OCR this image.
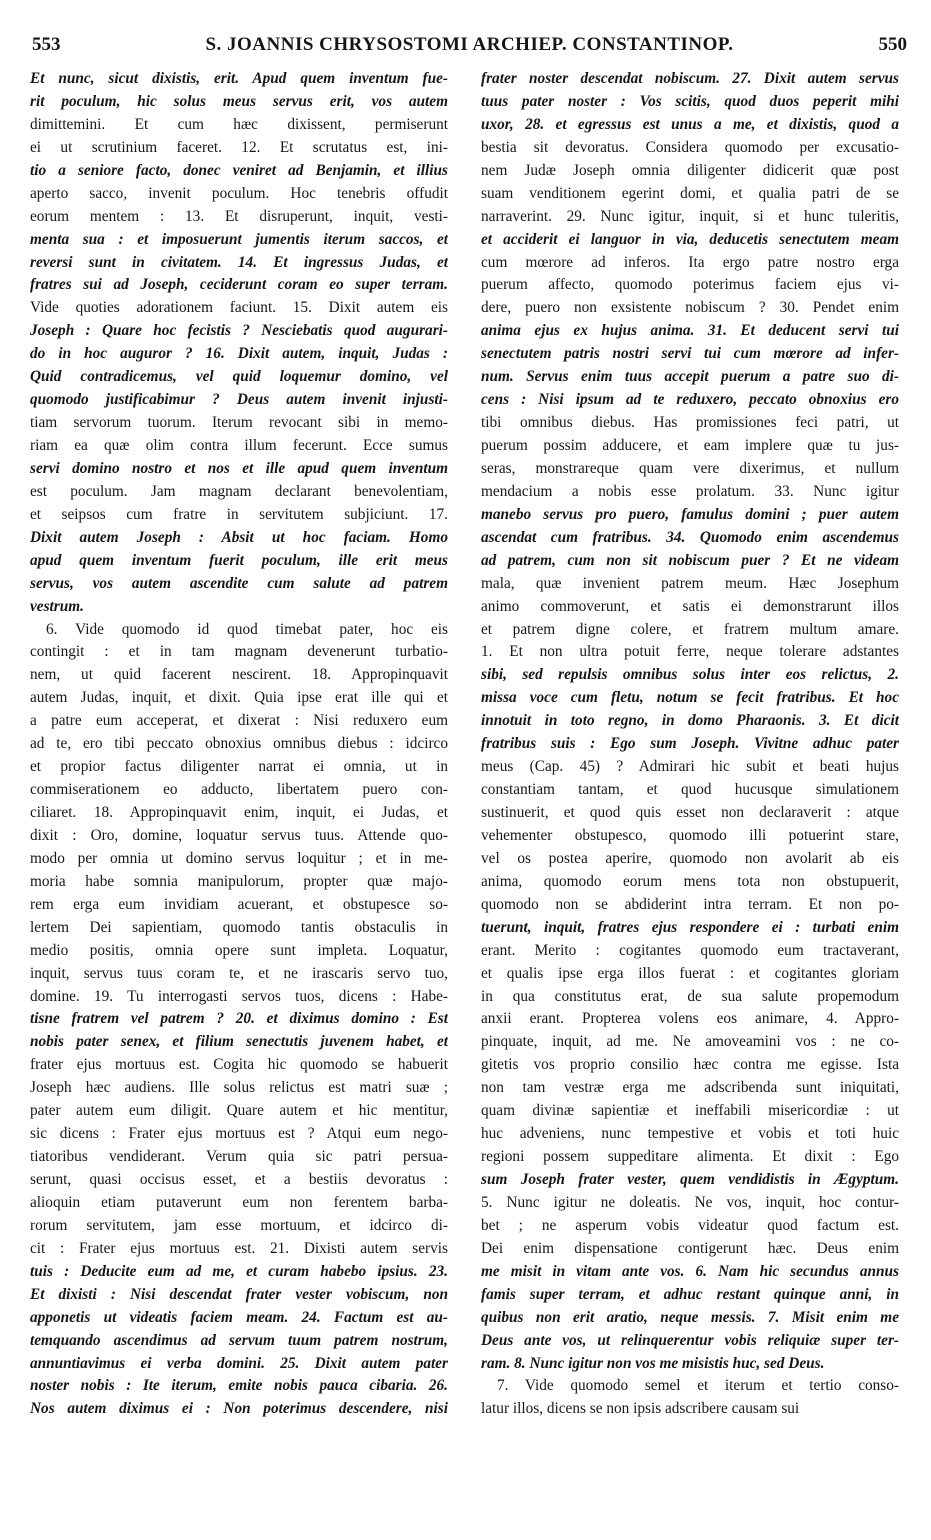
553	S. JOANNIS CHRYSOSTOMI ARCHIEP. CONSTANTINOP.	550
Et nunc, sicut dixistis, erit. Apud quem inventum fue-
rit poculum, hic solus meus servus erit, vos autem
dimittemini. Et cum hæc dixissent, permiserunt
ei ut scrutinium faceret. 12. Et scrutatus est, ini-
tio a seniore facto, donec veniret ad Benjamin, et illius
aperto sacco, invenit poculum. Hoc tenebris offudit
eorum mentem : 13. Et disruperunt, inquit, vesti-
menta sua : et imposuerunt jumentis iterum saccos, et
reversi sunt in civitatem. 14. Et ingressus Judas, et
fratres sui ad Joseph, ceciderunt coram eo super terram.
Vide quoties adorationem faciunt. 15. Dixit autem eis
Joseph : Quare hoc fecistis ? Nesciebatis quod augurari-
do in hoc auguror ? 16. Dixit autem, inquit, Judas :
Quid contradicemus, vel quid loquemur domino, vel
quomodo justificabimur ? Deus autem invenit injusti-
tiam servorum tuorum. Iterum revocant sibi in memo-
riam ea quæ olim contra illum fecerunt. Ecce sumus
servi domino nostro et nos et ille apud quem inventum
est poculum. Jam magnam declarant benevolentiam,
et seipsos cum fratre in servitutem subjiciunt. 17.
Dixit autem Joseph : Absit ut hoc faciam. Homo
apud quem inventum fuerit poculum, ille erit meus
servus, vos autem ascendite cum salute ad patrem
vestrum.
6. Vide quomodo id quod timebat pater, hoc eis
contingit : et in tam magnam devenerunt turbatio-
nem, ut quid facerent nescirent. 18. Appropinquavit
autem Judas, inquit, et dixit. Quia ipse erat ille qui et
a patre eum acceperat, et dixerat : Nisi reduxero eum
ad te, ero tibi peccato obnoxius omnibus diebus : idcirco
et propior factus diligenter narrat ei omnia, ut in
commiserationem eo adducto, libertatem puero con-
ciliaret. 18. Appropinquavit enim, inquit, ei Judas, et
dixit : Oro, domine, loquatur servus tuus. Attende quo-
modo per omnia ut domino servus loquitur ; et in me-
moria habe somnia manipulorum, propter quæ majo-
rem erga eum invidiam acuerant, et obstupesce so-
lertem Dei sapientiam, quomodo tantis obstaculis in
medio positis, omnia opere sunt impleta. Loquatur,
inquit, servus tuus coram te, et ne irascaris servo tuo,
domine. 19. Tu interrogasti servos tuos, dicens : Habe-
tisne fratrem vel patrem ? 20. et diximus domino : Est
nobis pater senex, et filium senectutis juvenem habet, et
frater ejus mortuus est. Cogita hic quomodo se habuerit
Joseph hæc audiens. Ille solus relictus est matri suæ ;
pater autem eum diligit. Quare autem et hic mentitur,
sic dicens : Frater ejus mortuus est ? Atqui eum nego-
tiatoribus vendiderant. Verum quia sic patri persua-
serunt, quasi occisus esset, et a bestiis devoratus :
alioquin etiam putaverunt eum non ferentem barba-
rorum servitutem, jam esse mortuum, et idcirco di-
cit : Frater ejus mortuus est. 21. Dixisti autem servis
tuis : Deducite eum ad me, et curam habebo ipsius. 23.
Et dixisti : Nisi descendat frater vester vobiscum, non
apponetis ut videatis faciem meam. 24. Factum est au-
temquando ascendimus ad servum tuum patrem nostrum,
annuntiavimus ei verba domini. 25. Dixit autem pater
noster nobis : Ite iterum, emite nobis pauca cibaria. 26.
Nos autem diximus ei : Non poterimus descendere, nisi
frater noster descendat nobiscum. 27. Dixit autem servus
tuus pater noster : Vos scitis, quod duos peperit mihi
uxor, 28. et egressus est unus a me, et dixistis, quod a
bestia sit devoratus. Considera quomodo per excusatio-
nem Judæ Joseph omnia diligenter didicerit quæ post
suam venditionem egerint domi, et qualia patri de se
narraverint. 29. Nunc igitur, inquit, si et hunc tuleritis,
et acciderit ei languor in via, deducetis senectutem meam
cum mœrore ad inferos. Ita ergo patre nostro erga
puerum affecto, quomodo poterimus faciem ejus vi-
dere, puero non exsistente nobiscum ? 30. Pendet enim
anima ejus ex hujus anima. 31. Et deducent servi tui
senectutem patris nostri servi tui cum mœrore ad infer-
num. Servus enim tuus accepit puerum a patre suo di-
cens : Nisi ipsum ad te reduxero, peccato obnoxius ero
tibi omnibus diebus. Has promissiones feci patri, ut
puerum possim adducere, et eam implere quæ tu jus-
seras, monstrareque quam vere dixerimus, et nullum
mendacium a nobis esse prolatum. 33. Nunc igitur
manebo servus pro puero, famulus domini ; puer autem
ascendat cum fratribus. 34. Quomodo enim ascendemus
ad patrem, cum non sit nobiscum puer ? Et ne videam
mala, quæ invenient patrem meum. Hæc Josephum
animo commoverunt, et satis ei demonstrarunt illos
et patrem digne colere, et fratrem multum amare.
1. Et non ultra potuit ferre, neque tolerare adstantes
sibi, sed repulsis omnibus solus inter eos relictus, 2.
missa voce cum fletu, notum se fecit fratribus. Et hoc
innotuit in toto regno, in domo Pharaonis. 3. Et dicit
fratribus suis : Ego sum Joseph. Vivitne adhuc pater
meus (Cap. 45) ? Admirari hic subit et beati hujus
constantiam tantam, et quod hucusque simulationem
sustinuerit, et quod quis esset non declaraverit : atque
vehementer obstupesco, quomodo illi potuerint stare,
vel os postea aperire, quomodo non avolarit ab eis
anima, quomodo eorum mens tota non obstupuerit,
quomodo non se abdiderint intra terram. Et non po-
tuerunt, inquit, fratres ejus respondere ei : turbati enim
erant. Merito : cogitantes quomodo eum tractaverant,
et qualis ipse erga illos fuerat : et cogitantes gloriam
in qua constitutus erat, de sua salute propemodum
anxii erant. Propterea volens eos animare, 4. Appro-
pinquate, inquit, ad me. Ne amoveamini vos : ne co-
gitetis vos proprio consilio hæc contra me egisse. Ista
non tam vestræ erga me adscribenda sunt iniquitati,
quam divinæ sapientiæ et ineffabili misericordiæ : ut
huc adveniens, nunc tempestive et vobis et toti huic
regioni possem suppeditare alimenta. Et dixit : Ego
sum Joseph frater vester, quem vendidistis in Ægyptum.
5. Nunc igitur ne doleatis. Ne vos, inquit, hoc contur-
bet ; ne asperum vobis videatur quod factum est.
Dei enim dispensatione contigerunt hæc. Deus enim
me misit in vitam ante vos. 6. Nam hic secundus annus
famis super terram, et adhuc restant quinque anni, in
quibus non erit aratio, neque messis. 7. Misit enim me
Deus ante vos, ut relinquerentur vobis reliquiæ super ter-
ram. 8. Nunc igitur non vos me misistis huc, sed Deus.
7. Vide quomodo semel et iterum et tertio conso-
latur illos, dicens se non ipsis adscribere causam sui
